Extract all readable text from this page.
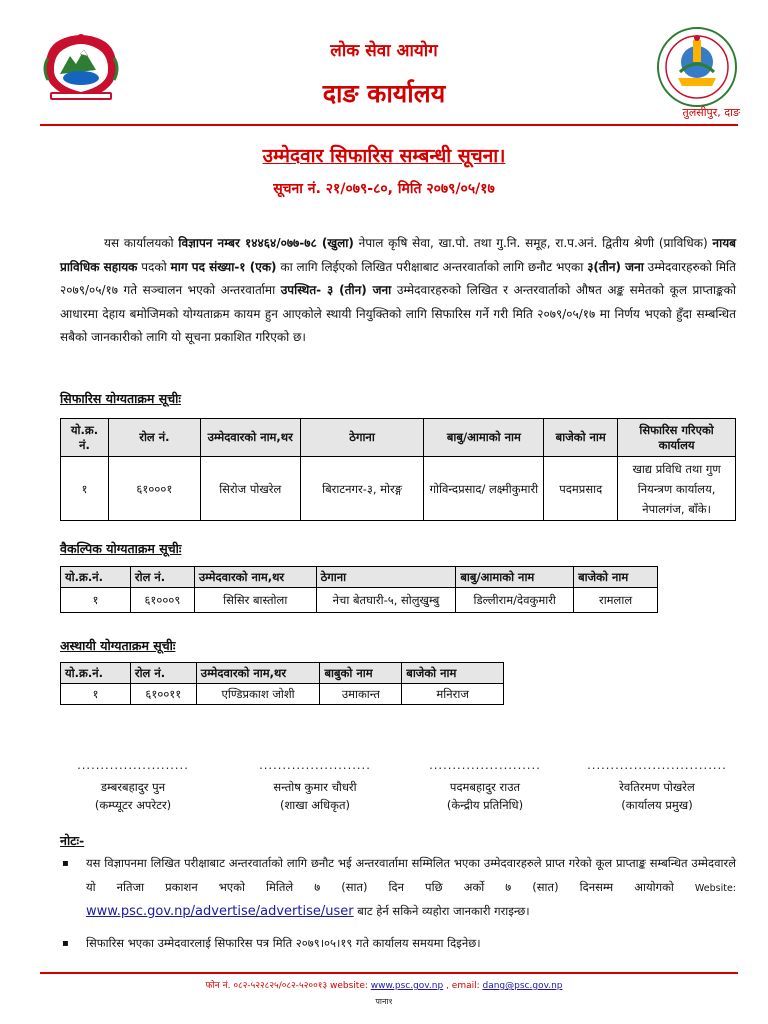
लोक सेवा आयोग
दाङ कार्यालय
तुलसीपुर, दाङ
उम्मेदवार सिफारिस सम्बन्धी सूचना।
सूचना नं. २१/०७९-८०, मिति २०७९/०५/१७

यस कार्यालयको विज्ञापन नम्बर १४४६४/०७७-७८ (खुला) नेपाल कृषि सेवा, खा.पो. तथा गु.नि. समूह, रा.प.अनं. द्वितीय श्रेणी (प्राविधिक) नायब प्राविधिक सहायक पदको माग पद संख्या-१ (एक) का लागि लिईएको लिखित परीक्षाबाट अन्तरवार्ताको लागि छनौट भएका ३(तीन) जना उम्मेदवारहरुको मिति २०७९/०५/१७ गते सञ्चालन भएको अन्तरवार्तामा उपस्थित- ३ (तीन) जना उम्मेदवारहरुको लिखित र अन्तरवार्ताको औषत अङ्क समेतको कूल प्राप्ताङ्कको आधारमा देहाय बमोजिमको योग्यताक्रम कायम हुन आएकोले स्थायी नियुक्तिको लागि सिफारिस गर्ने गरी मिति २०७९/०५/१७ मा निर्णय भएको हुँदा सम्बन्धित सबैको जानकारीको लागि यो सूचना प्रकाशित गरिएको छ।

सिफारिस योग्यताक्रम सूचीः
यो.क्र. नं.	रोल नं.	उम्मेदवारको नाम,थर	ठेगाना	बाबु/आमाको नाम	बाजेको नाम	सिफारिस गरिएको कार्यालय
१	६१०००१	सिरोज पोखरेल	बिराटनगर-३, मोरङ्ग	गोविन्दप्रसाद/ लक्ष्मीकुमारी	पदमप्रसाद	खाद्य प्रविधि तथा गुण नियन्त्रण कार्यालय, नेपालगंज, बाँके।
वैकल्पिक योग्यताक्रम सूचीः
यो.क्र.नं.	रोल नं.	उम्मेदवारको नाम,थर	ठेगाना	बाबु/आमाको नाम	बाजेको नाम
१	६१०००९	सिसिर बास्तोला	नेचा बेतघारी-५, सोलुखुम्बु	डिल्लीराम/देवकुमारी	रामलाल
अस्थायी योग्यताक्रम सूचीः
यो.क्र.नं.	रोल नं.	उम्मेदवारको नाम,थर	बाबुको नाम	बाजेको नाम
१	६१००११	एण्डिप्रकाश जोशी	उमाकान्त	मनिराज
........................
डम्बरबहादुर पुन
(कम्प्यूटर अपरेटर)
........................
सन्तोष कुमार चौधरी
(शाखा अधिकृत)
........................
पदमबहादुर राउत
(केन्द्रीय प्रतिनिधि)
..............................
रेवतिरमण पोखरेल
(कार्यालय प्रमुख)
नोटः-
▪ यस विज्ञापनमा लिखित परीक्षाबाट अन्तरवार्ताको लागि छनौट भई अन्तरवार्तामा सम्मिलित भएका उम्मेदवारहरुले प्राप्त गरेको कूल प्राप्ताङ्क सम्बन्धित उम्मेदवारले यो नतिजा प्रकाशन भएको मितिले ७ (सात) दिन पछि अर्को ७ (सात) दिनसम्म आयोगको Website: www.psc.gov.np/advertise/advertise/user बाट हेर्न सकिने व्यहोरा जानकारी गराइन्छ।
▪ सिफारिस भएका उम्मेदवारलाई सिफारिस पत्र मिति २०७९।०५।१९ गते कार्यालय समयमा दिइनेछ।
फोन नं. ०८२-५२२८२५/०८२-५२००१३ website: www.psc.gov.np , email: dang@psc.gov.np
पाना१
